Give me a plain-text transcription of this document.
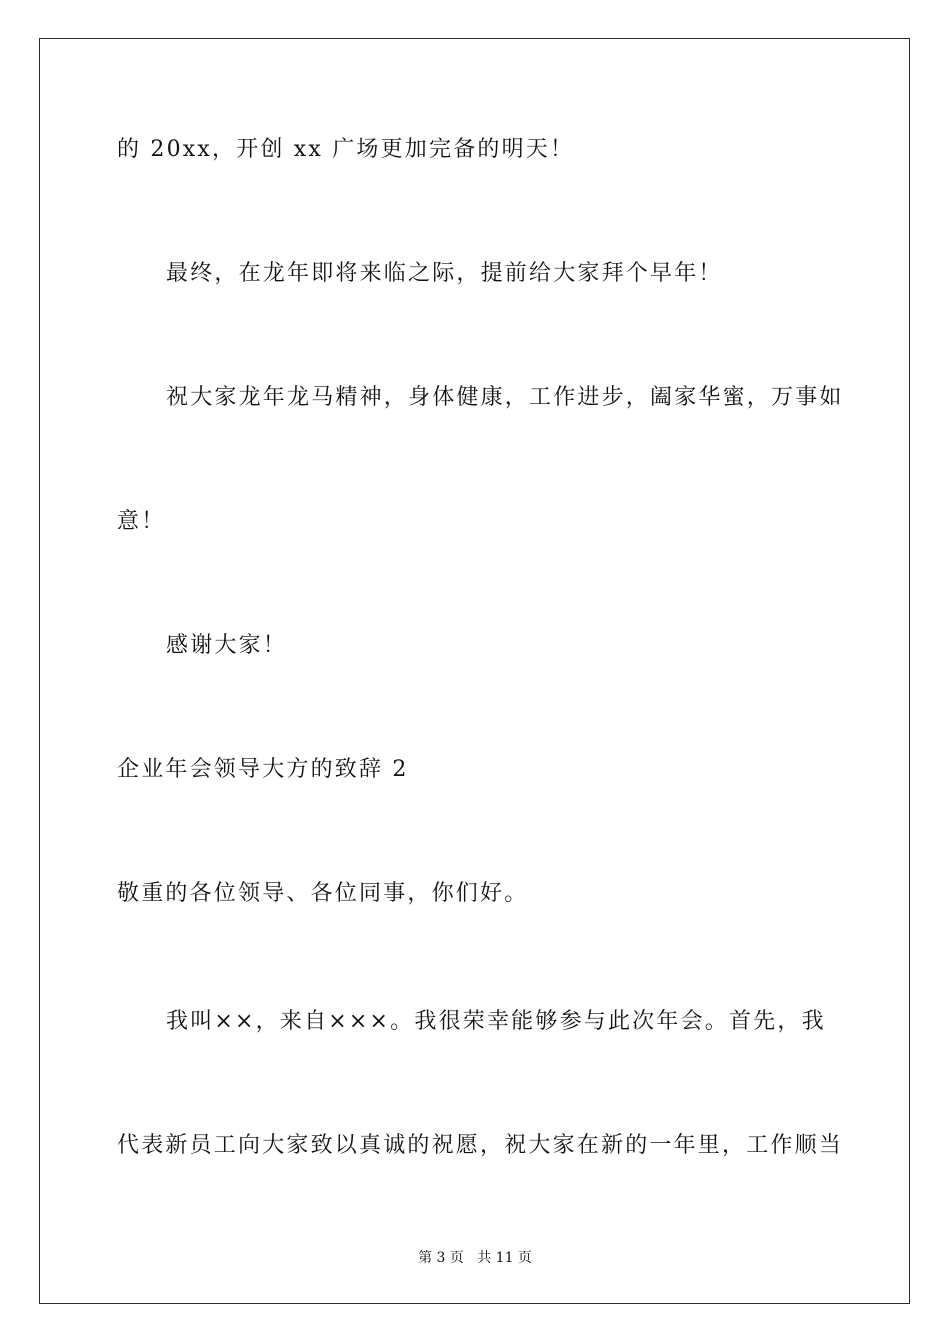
的 20xx，开创 xx 广场更加完备的明天！

最终，在龙年即将来临之际，提前给大家拜个早年！

祝大家龙年龙马精神，身体健康，工作进步，阖家华蜜，万事如

意！

感谢大家！

企业年会领导大方的致辞 2

敬重的各位领导、各位同事，你们好。

我叫××，来自×××。我很荣幸能够参与此次年会。首先，我

代表新员工向大家致以真诚的祝愿，祝大家在新的一年里，工作顺当

第 3 页   共 11 页
